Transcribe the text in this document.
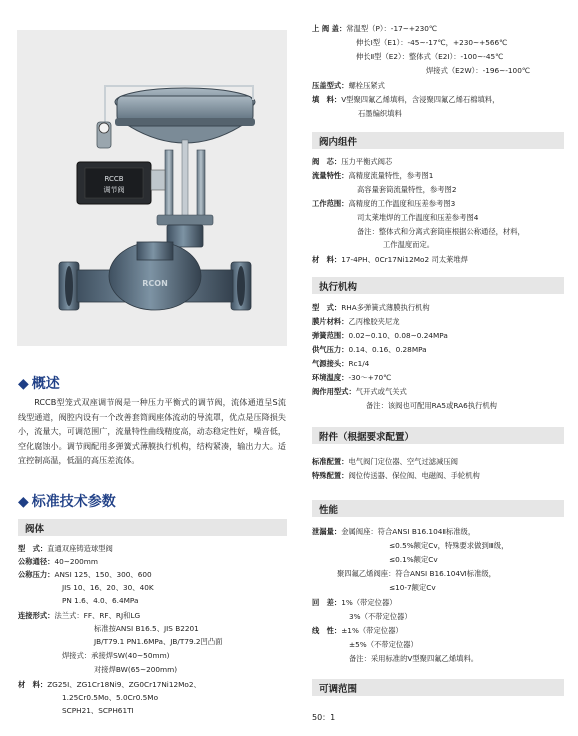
RCCB
调节阀
RCON
◆ 概述

RCCB型笼式双座调节阀是一种压力平衡式的调节阀，流体通道呈S流线型通道，阀腔内设有一个改善套筒阀座体流动的导流罩，优点是压降损失小，流量大，可调范围广，流量特性曲线精度高，动态稳定性好，噪音低，空化腐蚀小。调节阀配用多弹簧式薄膜执行机构，结构紧凑，输出力大。适宜控制高温，低温的高压差流体。

◆ 标准技术参数
阀体
型　式：直通双座铸造球型阀
公称通径：40~200mm
公称压力：ANSI 125、150、300、600
JIS 10、16、20、30、40K
PN 1.6、4.0、6.4MPa
连接形式：法兰式：FF、RF、RJ和LG
标准按ANSI B16.5、JIS B2201
JB/T79.1 PN1.6MPa、JB/T79.2凹凸面
焊接式：承接焊SW(40~50mm)
对接焊BW(65~200mm)
材　料：ZG25I、ZG1Cr18Ni9、ZG0Cr17Ni12Mo2、
1.25Cr0.5Mo、5.0Cr0.5Mo
SCPH21、SCPH61TI
上 阀 盖：常温型（P）：-17~+230℃
伸长Ⅰ型（E1）：-45~-17℃，+230~+566℃
伸长Ⅱ型（E2）：整体式（E2I）：-100~-45℃
焊接式（E2W）：-196~-100℃
压盖型式：螺栓压紧式
填　料：V型聚四氟乙烯填料，含浸聚四氟乙烯石棉填料，
石墨编织填料
阀内组件
阀　芯：压力平衡式阀芯
流量特性：高精度流量特性，参考图1
高容量套筒流量特性，参考图2
工作范围：高精度的工作温度和压差参考图3
司太莱堆焊的工作温度和压差参考图4
备注：整体式和分离式套筒座根据公称通径，材料，
工作温度而定。
材　料：17-4PH、0Cr17Ni12Mo2 司太莱堆焊
执行机构
型　式：RHA多弹簧式薄膜执行机构
膜片材料：乙丙橡胶夹尼龙
弹簧范围：0.02~0.10、0.08~0.24MPa
供气压力：0.14、0.16、0.28MPa
气源接头：Rc1/4
环境温度：-30～+70℃
阀作用型式：气开式或气关式
备注：该阀也可配用RA5或RA6执行机构
附件（根据要求配置）
标准配置：电气阀门定位器、空气过滤减压阀
特殊配置：阀位传送器、保位阀、电磁阀、手轮机构
性能
泄漏量：金属阀座：符合ANSI B16.104Ⅱ标准级，
≤0.5%额定Cv，特殊要求做到Ⅲ级，
≤0.1%额定Cv
聚四氟乙烯阀座：符合ANSI B16.104Ⅵ标准级，
≤10-7额定Cv
回　差：1%（带定位器）
3%（不带定位器）
线　性：±1%（带定位器）
±5%（不带定位器）
备注：采用标准的V型聚四氟乙烯填料。
可调范围
50：1
